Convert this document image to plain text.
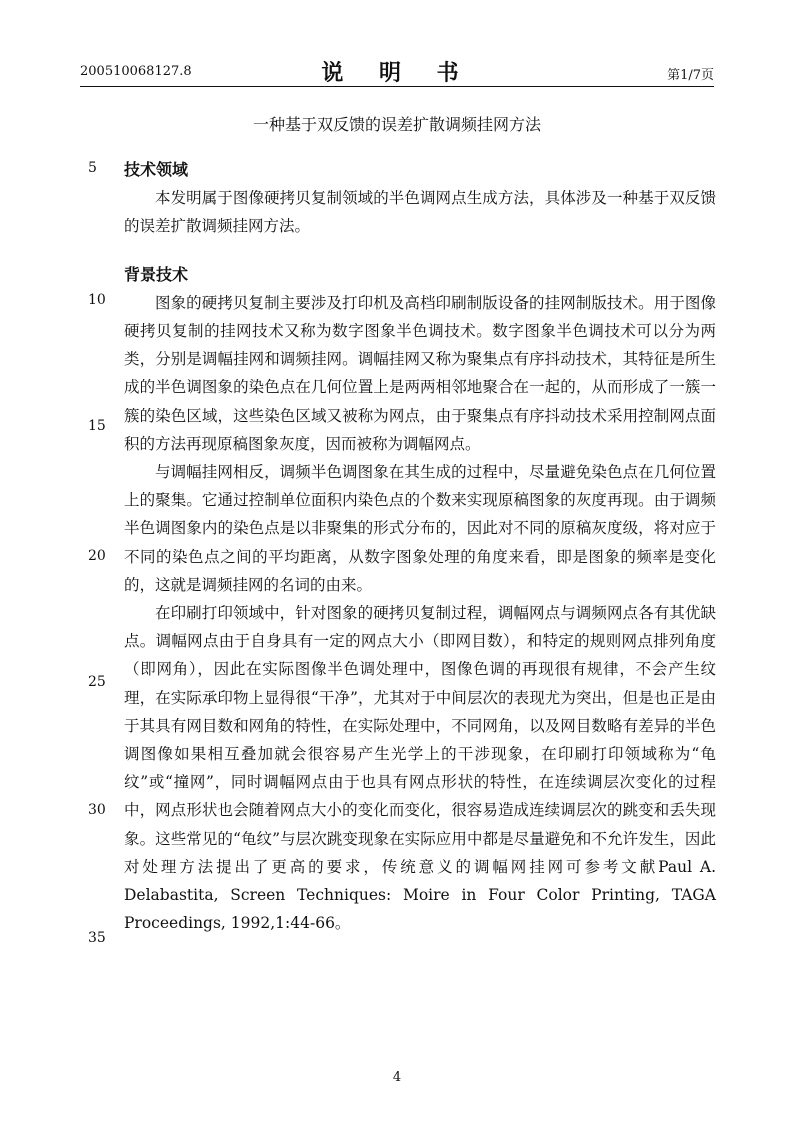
200510068127.8	说 明 书	第1/7页
一种基于双反馈的误差扩散调频挂网方法
5
10
15
20
25
30
35
技术领域

本发明属于图像硬拷贝复制领域的半色调网点生成方法，具体涉及一种基于双反馈的误差扩散调频挂网方法。

背景技术

图象的硬拷贝复制主要涉及打印机及高档印刷制版设备的挂网制版技术。用于图像硬拷贝复制的挂网技术又称为数字图象半色调技术。数字图象半色调技术可以分为两类，分别是调幅挂网和调频挂网。调幅挂网又称为聚集点有序抖动技术，其特征是所生成的半色调图象的染色点在几何位置上是两两相邻地聚合在一起的，从而形成了一簇一簇的染色区域，这些染色区域又被称为网点，由于聚集点有序抖动技术采用控制网点面积的方法再现原稿图象灰度，因而被称为调幅网点。

与调幅挂网相反，调频半色调图象在其生成的过程中，尽量避免染色点在几何位置上的聚集。它通过控制单位面积内染色点的个数来实现原稿图象的灰度再现。由于调频半色调图象内的染色点是以非聚集的形式分布的，因此对不同的原稿灰度级，将对应于不同的染色点之间的平均距离，从数字图象处理的角度来看，即是图象的频率是变化的，这就是调频挂网的名词的由来。

在印刷打印领域中，针对图象的硬拷贝复制过程，调幅网点与调频网点各有其优缺点。调幅网点由于自身具有一定的网点大小（即网目数），和特定的规则网点排列角度（即网角），因此在实际图像半色调处理中，图像色调的再现很有规律，不会产生纹理，在实际承印物上显得很“干净”，尤其对于中间层次的表现尤为突出，但是也正是由于其具有网目数和网角的特性，在实际处理中，不同网角，以及网目数略有差异的半色调图像如果相互叠加就会很容易产生光学上的干涉现象，在印刷打印领域称为“龟纹”或“撞网”，同时调幅网点由于也具有网点形状的特性，在连续调层次变化的过程中，网点形状也会随着网点大小的变化而变化，很容易造成连续调层次的跳变和丢失现象。这些常见的“龟纹”与层次跳变现象在实际应用中都是尽量避免和不允许发生，因此对处理方法提出了更高的要求，传统意义的调幅网挂网可参考文献Paul A. Delabastita, Screen Techniques: Moire in Four Color Printing, TAGA Proceedings, 1992,1:44-66。

4
